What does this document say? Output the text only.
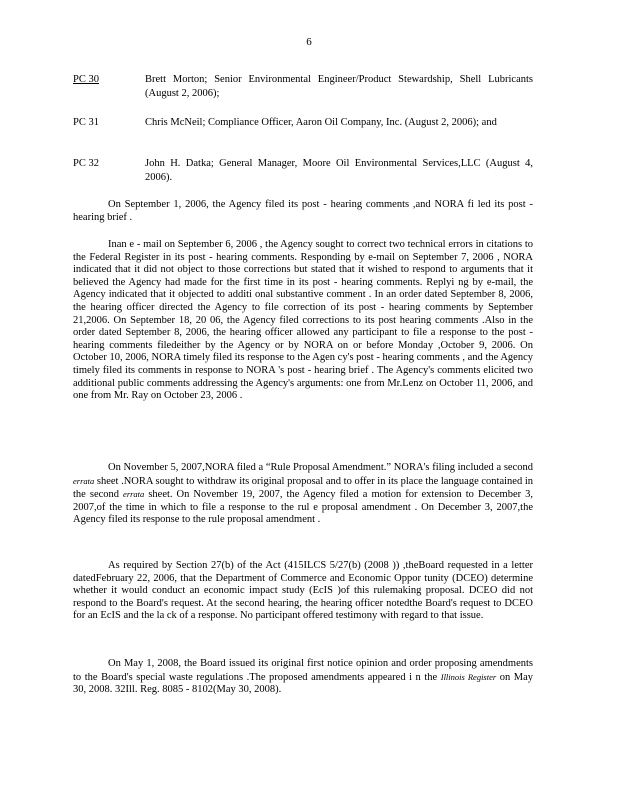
6
PC 30	Brett Morton; Senior Environmental Engineer/Product Stewardship, Shell Lubricants (August 2, 2006);
PC 31	Chris McNeil; Compliance Officer, Aaron Oil Company, Inc. (August 2, 2006); and
PC 32	John H. Datka; General Manager, Moore Oil Environmental Services,LLC (August 4, 2006).

On September 1, 2006, the Agency filed its post - hearing comments ,and NORA fi led its post - hearing brief .

Inan e - mail on September 6, 2006 , the Agency sought to correct two technical errors in citations to the Federal Register in its post - hearing comments. Responding by e-mail on September 7, 2006 , NORA indicated that it did not object to those corrections but stated that it wished to respond to arguments that it believed the Agency had made for the first time in its post - hearing comments. Replyi ng by e-mail, the Agency indicated that it objected to additi onal substantive comment . In an order dated September 8, 2006, the hearing officer directed the Agency to file correction of its post - hearing comments by September 21,2006. On September 18, 20 06, the Agency filed corrections to its post hearing comments .Also in the order dated September 8, 2006, the hearing officer allowed any participant to file a response to the post - hearing comments filedeither by the Agency or by NORA on or before Monday ,October 9, 2006. On October 10, 2006, NORA timely filed its response to the Agen cy's post - hearing comments , and the Agency timely filed its comments in response to NORA 's post - hearing brief . The Agency's comments elicited two additional public comments addressing the Agency's arguments: one from Mr.Lenz on October 11, 2006, and one from Mr. Ray on October 23, 2006 .

On November 5, 2007,NORA filed a “Rule Proposal Amendment.” NORA's filing included a second errata sheet .NORA sought to withdraw its original proposal and to offer in its place the language contained in the second errata sheet. On November 19, 2007, the Agency filed a motion for extension to December 3, 2007,of the time in which to file a response to the rul e proposal amendment . On December 3, 2007,the Agency filed its response to the rule proposal amendment .

As required by Section 27(b) of the Act (415ILCS 5/27(b) (2008 )) ,theBoard requested in a letter datedFebruary 22, 2006, that the Department of Commerce and Economic Oppor tunity (DCEO) determine whether it would conduct an economic impact study (EcIS )of this rulemaking proposal. DCEO did not respond to the Board's request. At the second hearing, the hearing officer notedthe Board's request to DCEO for an EcIS and the la ck of a response. No participant offered testimony with regard to that issue.

On May 1, 2008, the Board issued its original first notice opinion and order proposing amendments to the Board's special waste regulations .The proposed amendments appeared i n the Illinois Register on May 30, 2008. 32Ill. Reg. 8085 - 8102(May 30, 2008).
